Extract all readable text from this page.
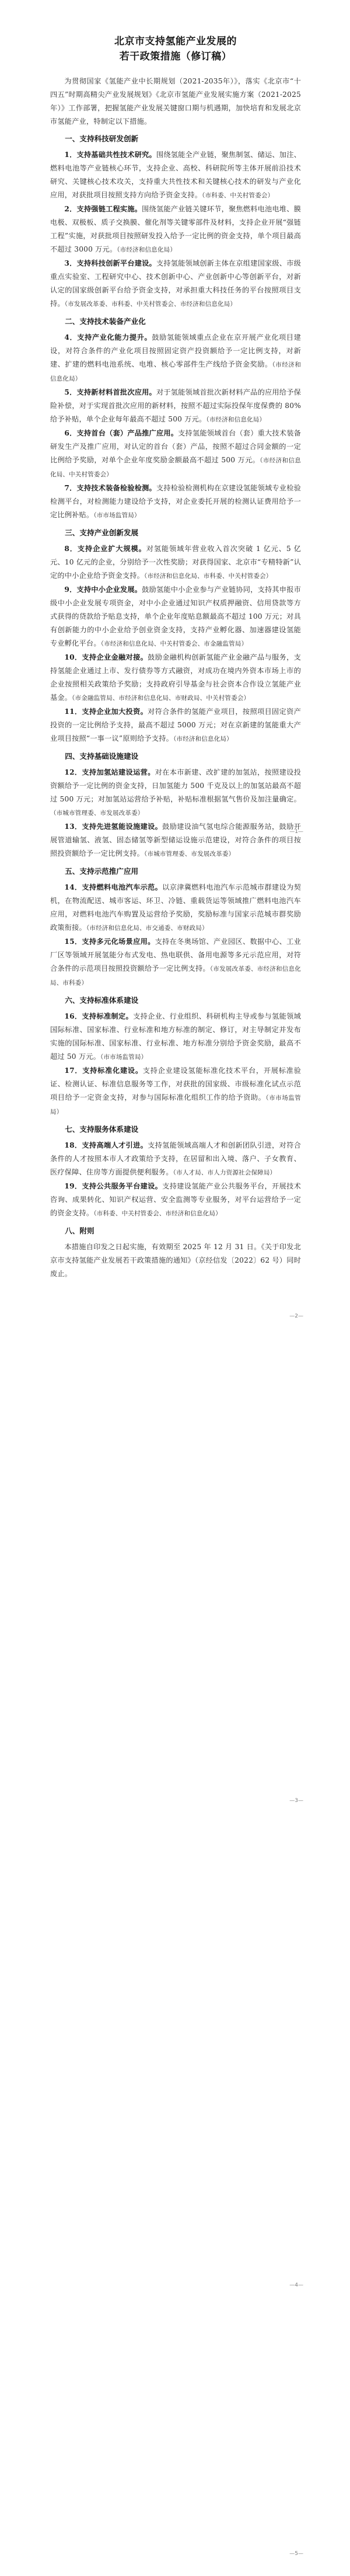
北京市支持氢能产业发展的
若干政策措施（修订稿）

为贯彻国家《氢能产业中长期规划（2021-2035年）》，落实《北京市“十四五”时期高精尖产业发展规划》《北京市氢能产业发展实施方案（2021-2025年）》工作部署，把握氢能产业发展关键窗口期与机遇期，加快培育和发展北京市氢能产业，特制定以下措施。

一、支持科技研发创新

1．支持基础共性技术研究。围绕氢能全产业链，聚焦制氢、储运、加注、燃料电池等产业链核心环节，支持企业、高校、科研院所等主体开展前沿技术研究、关键核心技术攻关，支持重大共性技术和关键核心技术的研发与产业化应用，对获批项目按照支持方向给予资金支持。（市科委、中关村管委会）

2．支持强链工程实施。围绕氢能产业链关键环节，聚焦燃料电池电堆、膜电极、双极板、质子交换膜、催化剂等关键零部件及材料，支持企业开展“强链工程”实施，对获批项目按照研发投入给予一定比例的资金支持，单个项目最高不超过 3000 万元。（市经济和信息化局）

3．支持科技创新平台建设。支持氢能领域创新主体在京组建国家级、市级重点实验室、工程研究中心、技术创新中心、产业创新中心等创新平台，对新认定的国家级创新平台给予资金支持，对承担重大科技任务的平台按照项目支持。（市发展改革委、市科委、中关村管委会、市经济和信息化局）

二、支持技术装备产业化

4．支持产业化能力提升。鼓励氢能领域重点企业在京开展产业化项目建设，对符合条件的产业化项目按照固定资产投资额给予一定比例支持，对新建、扩建的燃料电池系统、电堆、核心零部件生产线给予资金奖励。（市经济和信息化局）

5．支持新材料首批次应用。对于氢能领域首批次新材料产品的应用给予保险补偿，对于实现首批次应用的新材料，按照不超过实际投保年度保费的 80% 给予补贴，单个企业每年最高不超过 500 万元。（市经济和信息化局）

6．支持首台（套）产品推广应用。支持氢能领域首台（套）重大技术装备研发生产及推广应用，对认定的首台（套）产品，按照不超过合同金额的一定比例给予奖励，对单个企业年度奖励金额最高不超过 500 万元。（市经济和信息化局、中关村管委会）

7．支持技术装备检验检测。支持检验检测机构在京建设氢能领域专业检验检测平台，对检测能力建设给予支持，对企业委托开展的检测认证费用给予一定比例补贴。（市市场监管局）

三、支持产业创新发展

8．支持企业扩大规模。对氢能领域年营业收入首次突破 1 亿元、5 亿元、10 亿元的企业，分别给予一次性奖励；对获得国家、北京市“专精特新”认定的中小企业给予资金支持。（市经济和信息化局、市科委、中关村管委会）

9．支持中小企业发展。鼓励氢能中小企业参与产业链协同，支持其申报市级中小企业发展专项资金，对中小企业通过知识产权质押融资、信用贷款等方式获得的贷款给予贴息支持，单个企业年度贴息额最高不超过 100 万元；对具有创新能力的中小企业给予创业资金支持，支持产业孵化器、加速器建设氢能专业孵化平台。（市经济和信息化局、中关村管委会、市金融监管局）

10．支持企业金融对接。鼓励金融机构创新氢能产业金融产品与服务，支持氢能企业通过上市、发行债券等方式融资，对成功在境内外资本市场上市的企业按照相关政策给予奖励；支持政府引导基金与社会资本合作设立氢能产业基金。（市金融监管局、市经济和信息化局、市财政局、中关村管委会）

11．支持企业加大投资。对符合条件的氢能产业项目，按照项目固定资产投资的一定比例给予支持，最高不超过 5000 万元；对在京新建的氢能重大产业项目按照“一事一议”原则给予支持。（市经济和信息化局）

四、支持基础设施建设

12．支持加氢站建设运营。对在本市新建、改扩建的加氢站，按照建设投资额给予一定比例的资金支持，日加氢能力 500 千克及以上的加氢站最高不超过 500 万元；对加氢站运营给予补贴，补贴标准根据氢气售价及加注量确定。（市城市管理委、市发展改革委）

13．支持先进氢能设施建设。鼓励建设油气氢电综合能源服务站，鼓励开展管道输氢、液氢、固态储氢等新型储运设施示范建设，对符合条件的项目按照投资额给予一定比例支持。（市城市管理委、市发展改革委）

五、支持示范推广应用

14．支持燃料电池汽车示范。以京津冀燃料电池汽车示范城市群建设为契机，在物流配送、城市客运、环卫、冷链、重载货运等领域推广燃料电池汽车应用，对燃料电池汽车购置及运营给予奖励，奖励标准与国家示范城市群奖励政策衔接。（市经济和信息化局、市交通委、市财政局）

15．支持多元化场景应用。支持在冬奥场馆、产业园区、数据中心、工业厂区等领域开展氢能分布式发电、热电联供、备用电源等多元示范应用，对符合条件的示范项目按照投资额给予一定比例支持。（市发展改革委、市经济和信息化局、市科委）

六、支持标准体系建设

16．支持标准制定。支持企业、行业组织、科研机构主导或参与氢能领域国际标准、国家标准、行业标准和地方标准的制定、修订，对主导制定并发布实施的国际标准、国家标准、行业标准、地方标准分别给予资金奖励，最高不超过 50 万元。（市市场监管局）

17．支持标准化建设。支持企业建设氢能标准化技术平台，开展标准验证、检测认证、标准信息服务等工作，对获批的国家级、市级标准化试点示范项目给予一定资金支持，对参与国际标准化组织工作的给予资助。（市市场监管局）

七、支持服务体系建设

18．支持高端人才引进。支持氢能领域高端人才和创新团队引进，对符合条件的人才按照本市人才政策给予支持，在居留和出入境、落户、子女教育、医疗保障、住房等方面提供便利服务。（市人才局、市人力资源社会保障局）

19．支持公共服务平台建设。支持建设氢能产业公共服务平台，开展技术咨询、成果转化、知识产权运营、安全监测等专业服务，对平台运营给予一定的资金支持。（市科委、中关村管委会、市经济和信息化局）

八、附则

本措施自印发之日起实施，有效期至 2025 年 12 月 31 日。《关于印发北京市支持氢能产业发展若干政策措施的通知》（京经信发〔2022〕62 号）同时废止。

—1—
—2—
—3—
—4—
—5—
